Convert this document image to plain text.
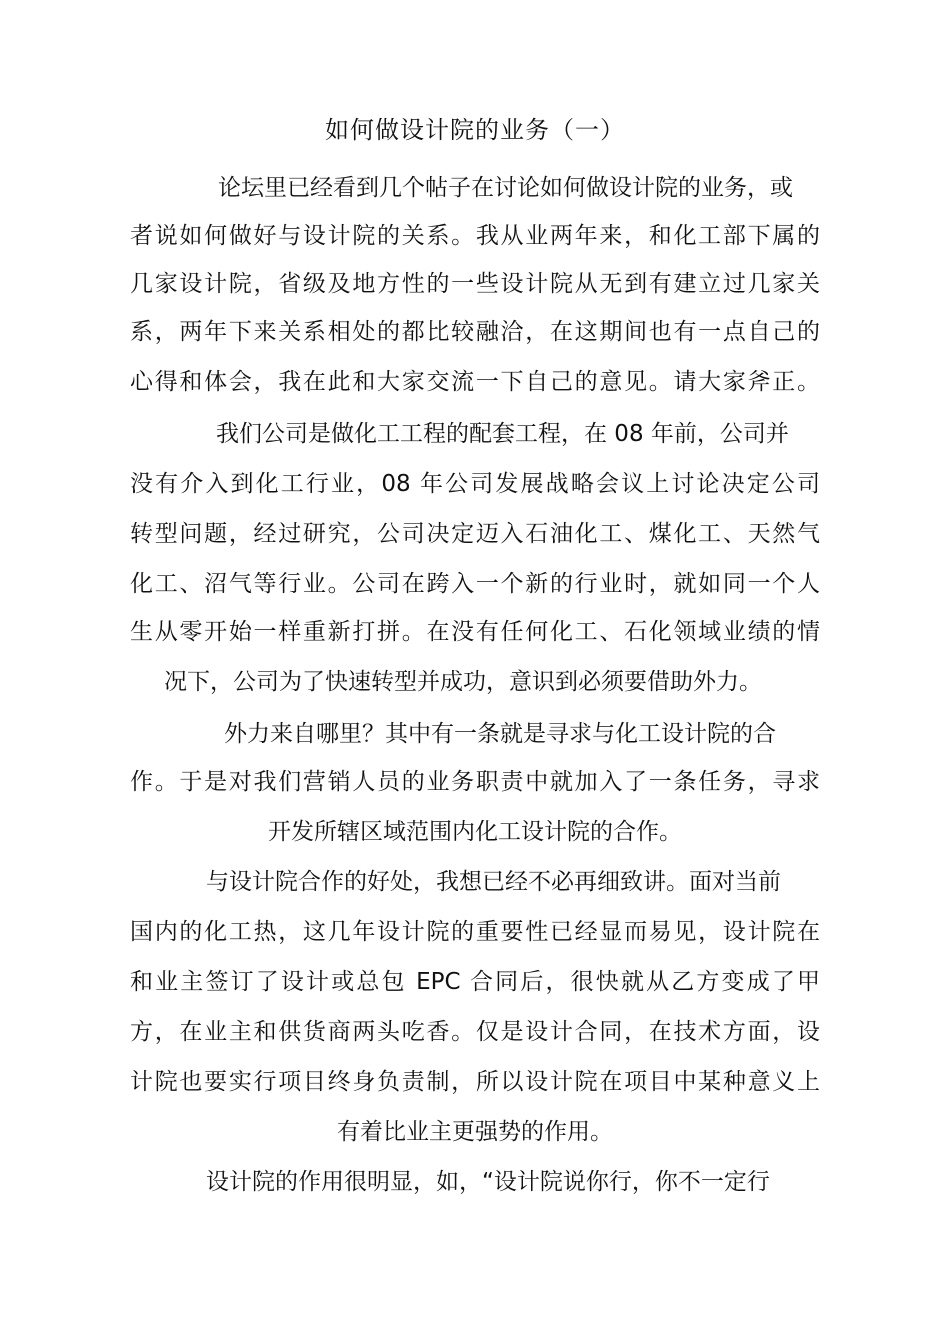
如何做设计院的业务（一）
论坛里已经看到几个帖子在讨论如何做设计院的业务，或
者说如何做好与设计院的关系。我从业两年来，和化工部下属的
几家设计院，省级及地方性的一些设计院从无到有建立过几家关
系，两年下来关系相处的都比较融洽，在这期间也有一点自己的
心得和体会，我在此和大家交流一下自己的意见。请大家斧正。
我们公司是做化工工程的配套工程，在 08 年前，公司并
没有介入到化工行业，08 年公司发展战略会议上讨论决定公司
转型问题，经过研究，公司决定迈入石油化工、煤化工、天然气
化工、沼气等行业。公司在跨入一个新的行业时，就如同一个人
生从零开始一样重新打拼。在没有任何化工、石化领域业绩的情
况下，公司为了快速转型并成功，意识到必须要借助外力。
外力来自哪里？其中有一条就是寻求与化工设计院的合
作。于是对我们营销人员的业务职责中就加入了一条任务，寻求
开发所辖区域范围内化工设计院的合作。
与设计院合作的好处，我想已经不必再细致讲。面对当前
国内的化工热，这几年设计院的重要性已经显而易见，设计院在
和业主签订了设计或总包 EPC 合同后，很快就从乙方变成了甲
方，在业主和供货商两头吃香。仅是设计合同，在技术方面，设
计院也要实行项目终身负责制，所以设计院在项目中某种意义上
有着比业主更强势的作用。
设计院的作用很明显，如，“设计院说你行，你不一定行
